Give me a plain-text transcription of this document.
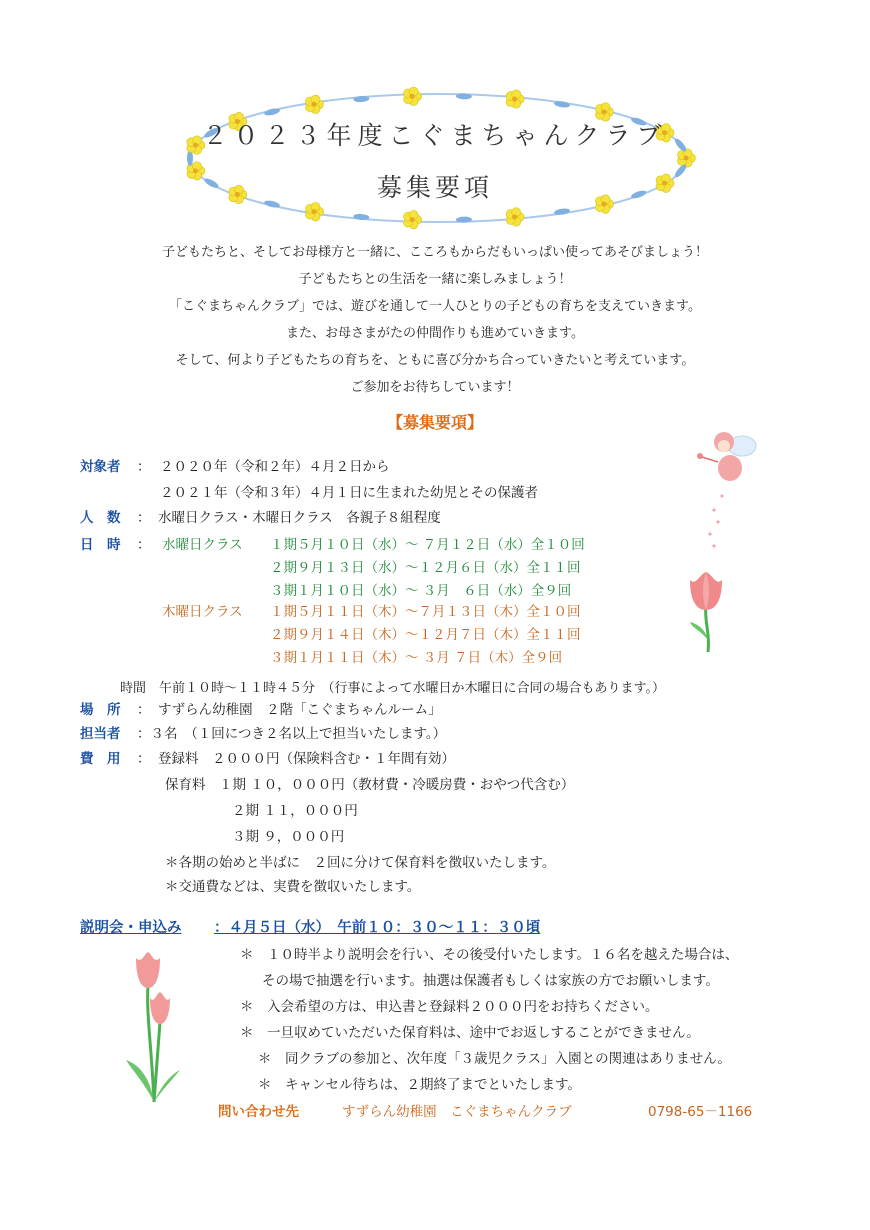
２０２３年度こぐまちゃんクラブ
募集要項
子どもたちと、そしてお母様方と一緒に、こころもからだもいっぱい使ってあそびましょう！
子どもたちとの生活を一緒に楽しみましょう！
「こぐまちゃんクラブ」では、遊びを通して一人ひとりの子どもの育ちを支えていきます。
また、お母さまがたの仲間作りも進めていきます。
そして、何より子どもたちの育ちを、ともに喜び分かち合っていきたいと考えています。
ご参加をお待ちしています！
【募集要項】
対象者 ： ２０２０年（令和２年）４月２日から
２０２１年（令和３年）４月１日に生まれた幼児とその保護者
人　数 ： 水曜日クラス・木曜日クラス　各親子８組程度
日　時 ： 水曜日クラス １期５月１０日（水）～ ７月１２日（水）全１０回
２期９月１３日（水）～１２月６日（水）全１１回
３期１月１０日（水）～ ３月　６日（水）全９回
木曜日クラス １期５月１１日（木）～７月１３日（木）全１０回
２期９月１４日（木）～１２月７日（木）全１１回
３期１月１１日（木）～ ３月 ７日（木）全９回
時間　午前１０時～１１時４５分　（行事によって水曜日か木曜日に合同の場合もあります。）
場　所 ： すずらん幼稚園　２階「こぐまちゃんルーム」
担当者 ：３名　（１回につき２名以上で担当いたします。）
費　用 ： 登録料　２０００円（保険料含む・１年間有効）
保育料　１期 １０，０００円（教材費・冷暖房費・おやつ代含む）
２期 １１，０００円
３期 ９，０００円
＊各期の始めと半ばに　２回に分けて保育料を徴収いたします。
＊交通費などは、実費を徴収いたします。
説明会・申込み ：４月５日（水）　午前１０：３０～１１：３０頃
＊　１０時半より説明会を行い、その後受付いたします。１６名を越えた場合は、
その場で抽選を行います。抽選は保護者もしくは家族の方でお願いします。
＊　入会希望の方は、申込書と登録料２０００円をお持ちください。
＊　一旦収めていただいた保育料は、途中でお返しすることができません。
＊　同クラブの参加と、次年度「３歳児クラス」入園との関連はありません。
＊　キャンセル待ちは、２期終了までといたします。
問い合わせ先	すずらん幼稚園　こぐまちゃんクラブ	0798-65－1166
